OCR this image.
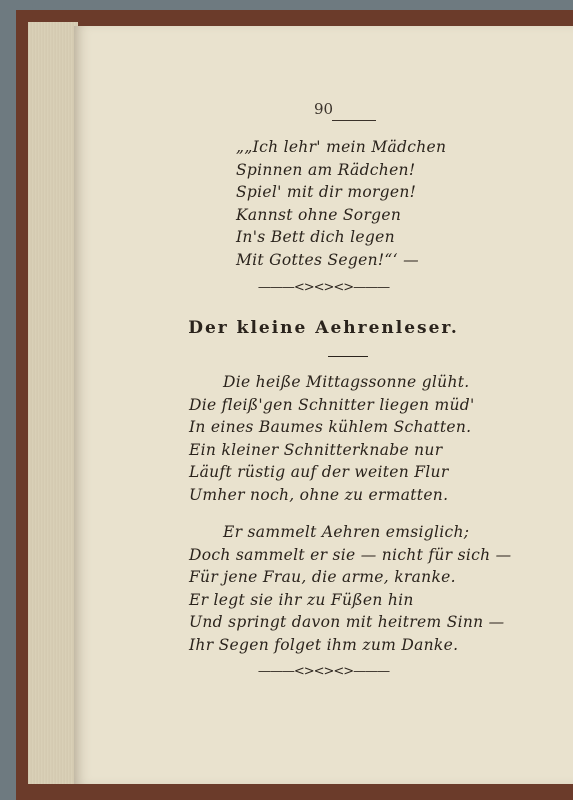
90
„„Ich lehr' mein Mädchen
Spinnen am Rädchen!
Spiel' mit dir morgen!
Kannst ohne Sorgen
In's Bett dich legen
Mit Gottes Segen!“‘ —
———<><><>———
Der kleine Aehrenleser.
Die heiße Mittagssonne glüht.
Die fleiß'gen Schnitter liegen müd'
In eines Baumes kühlem Schatten.
Ein kleiner Schnitterknabe nur
Läuft rüstig auf der weiten Flur
Umher noch, ohne zu ermatten.
Er sammelt Aehren emsiglich;
Doch sammelt er sie — nicht für sich —
Für jene Frau, die arme, kranke.
Er legt sie ihr zu Füßen hin
Und springt davon mit heitrem Sinn —
Ihr Segen folget ihm zum Danke.
———<><><>———
